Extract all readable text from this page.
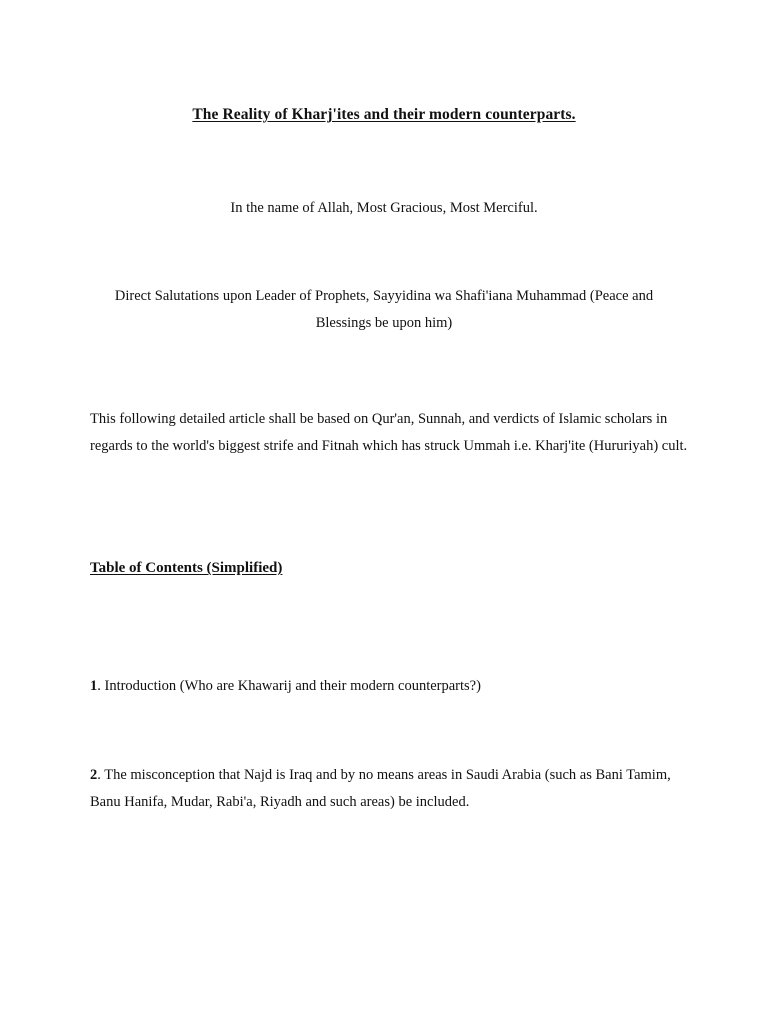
The Reality of Kharj'ites and their modern counterparts.
In the name of Allah, Most Gracious, Most Merciful.
Direct Salutations upon Leader of Prophets, Sayyidina wa Shafi'iana Muhammad (Peace and Blessings be upon him)
This following detailed article shall be based on Qur'an, Sunnah, and verdicts of Islamic scholars in regards to the world's biggest strife and Fitnah which has struck Ummah i.e. Kharj'ite (Hururiyah) cult.
Table of Contents (Simplified)
1. Introduction (Who are Khawarij and their modern counterparts?)
2. The misconception that Najd is Iraq and by no means areas in Saudi Arabia (such as Bani Tamim, Banu Hanifa, Mudar, Rabi'a, Riyadh and such areas) be included.
